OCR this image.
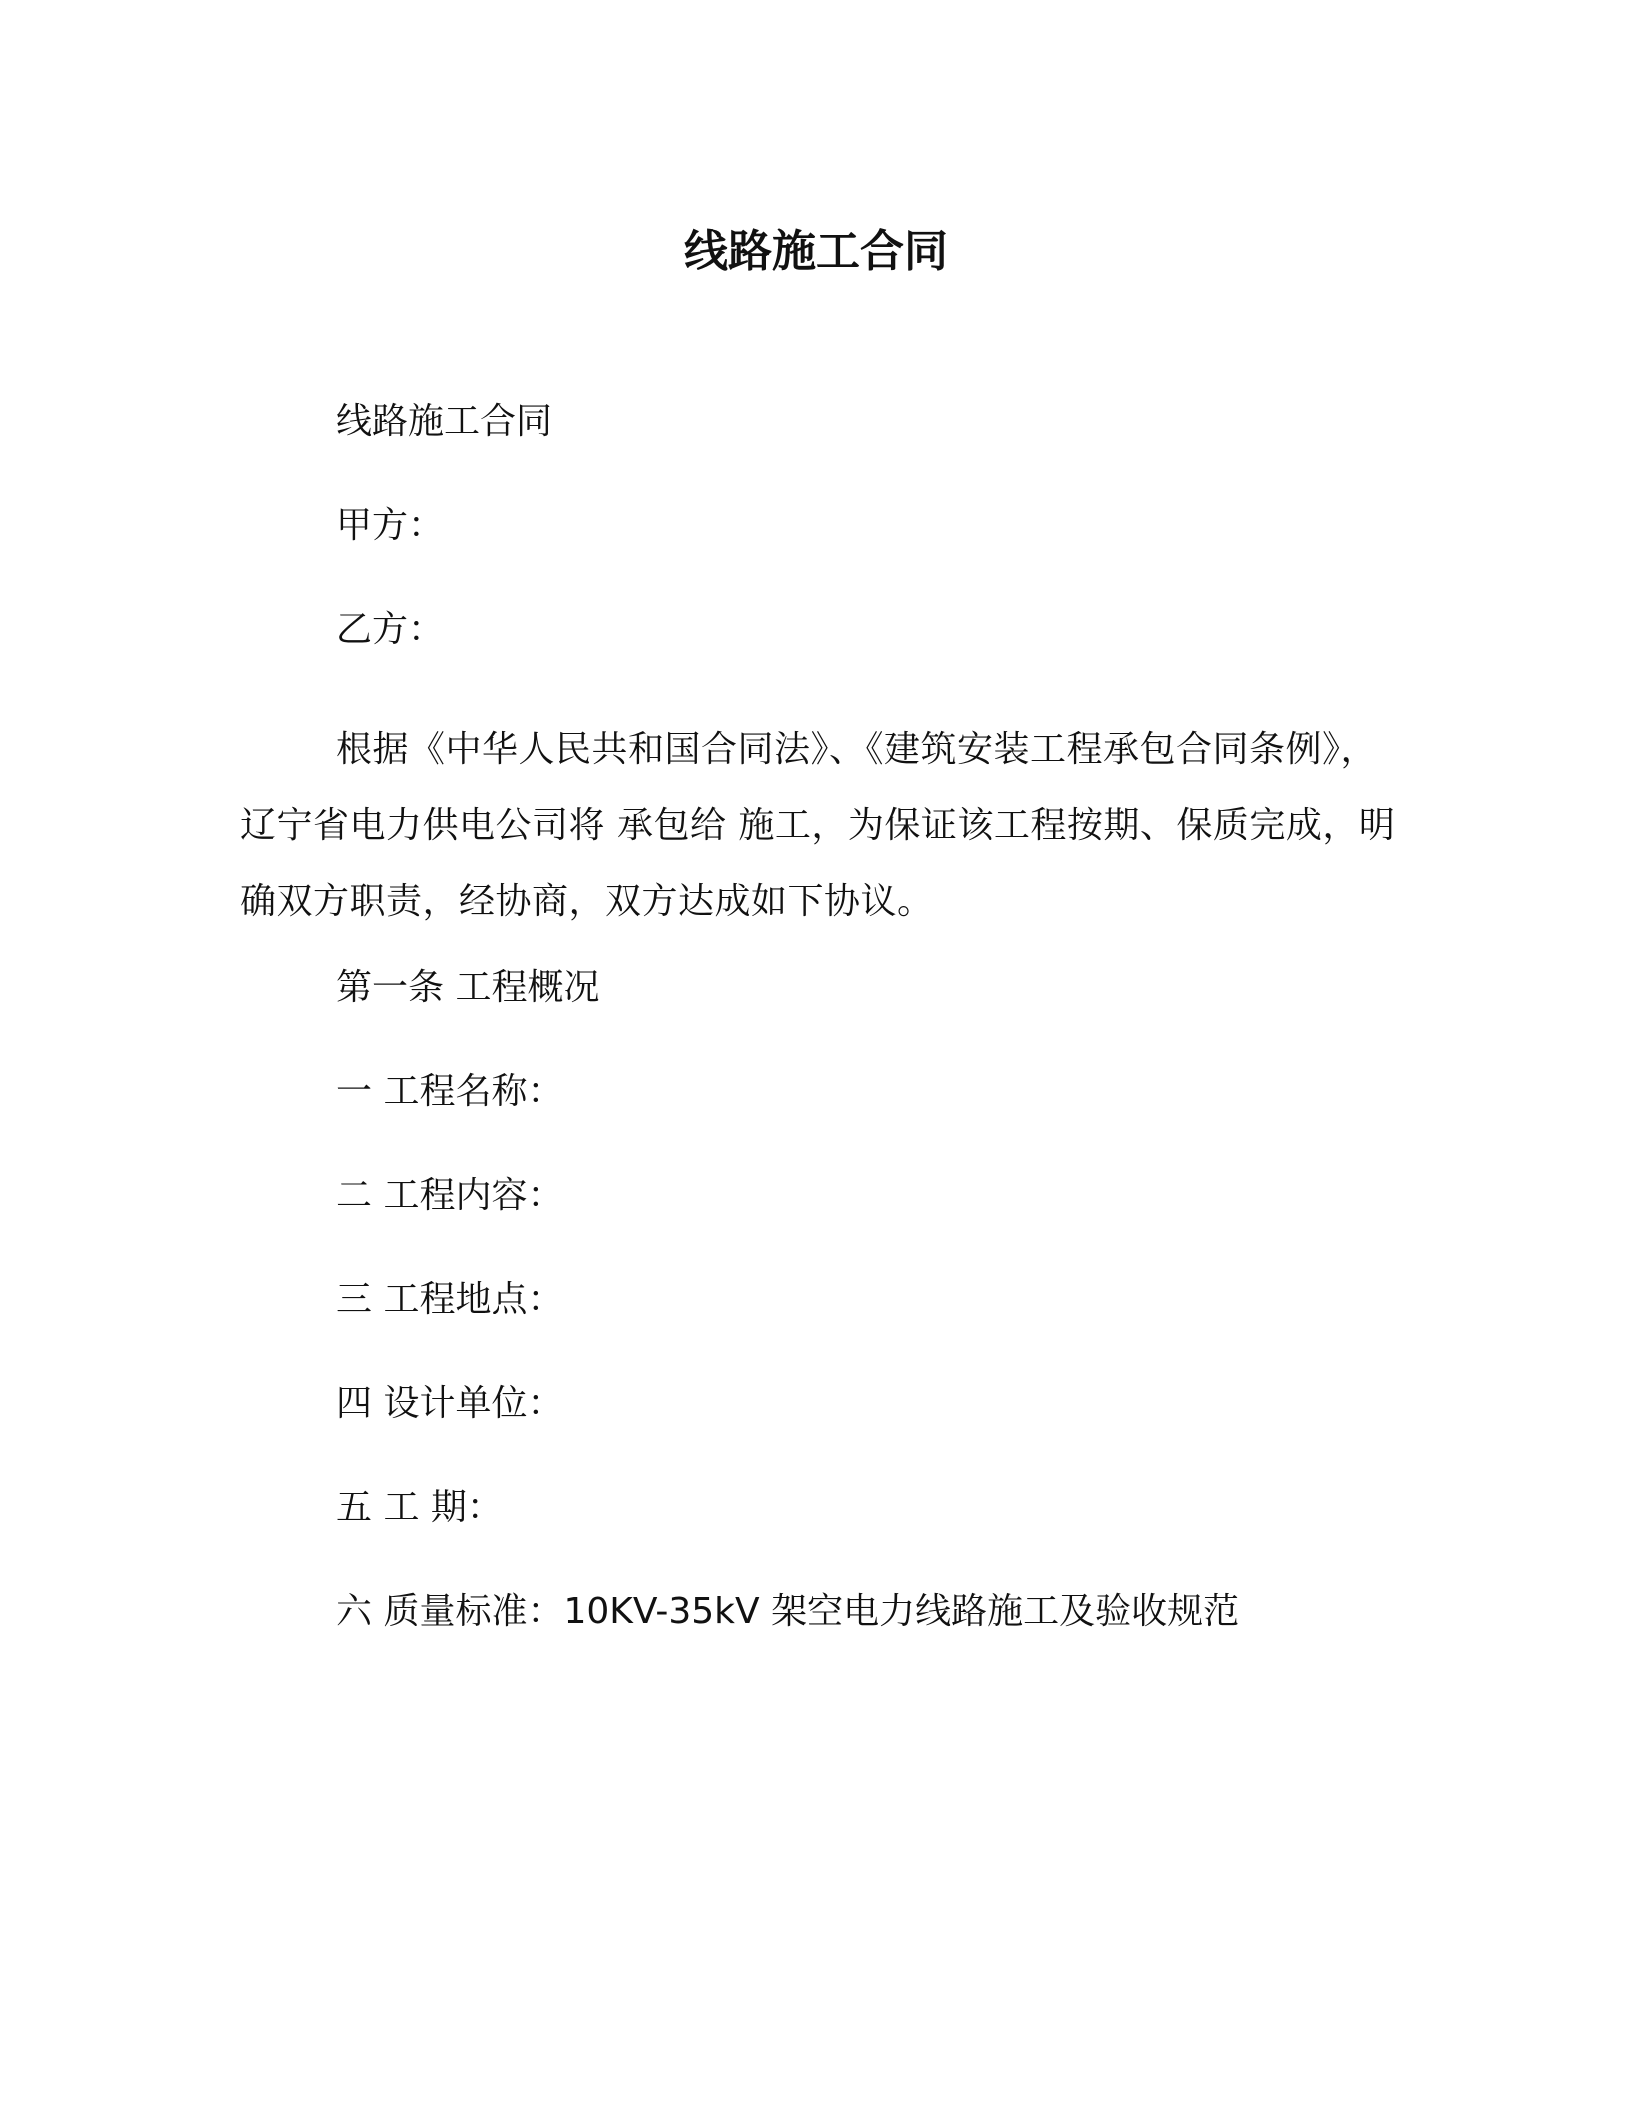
线路施工合同

线路施工合同

甲方：

乙方：

根据《中华人民共和国合同法》、《建筑安装工程承包合同条例》，辽宁省电力供电公司将 承包给 施工，为保证该工程按期、保质完成，明确双方职责，经协商，双方达成如下协议。

第一条 工程概况

一 工程名称：

二 工程内容：

三 工程地点：

四 设计单位：

五 工 期：

六 质量标准：10KV-35kV 架空电力线路施工及验收规范
